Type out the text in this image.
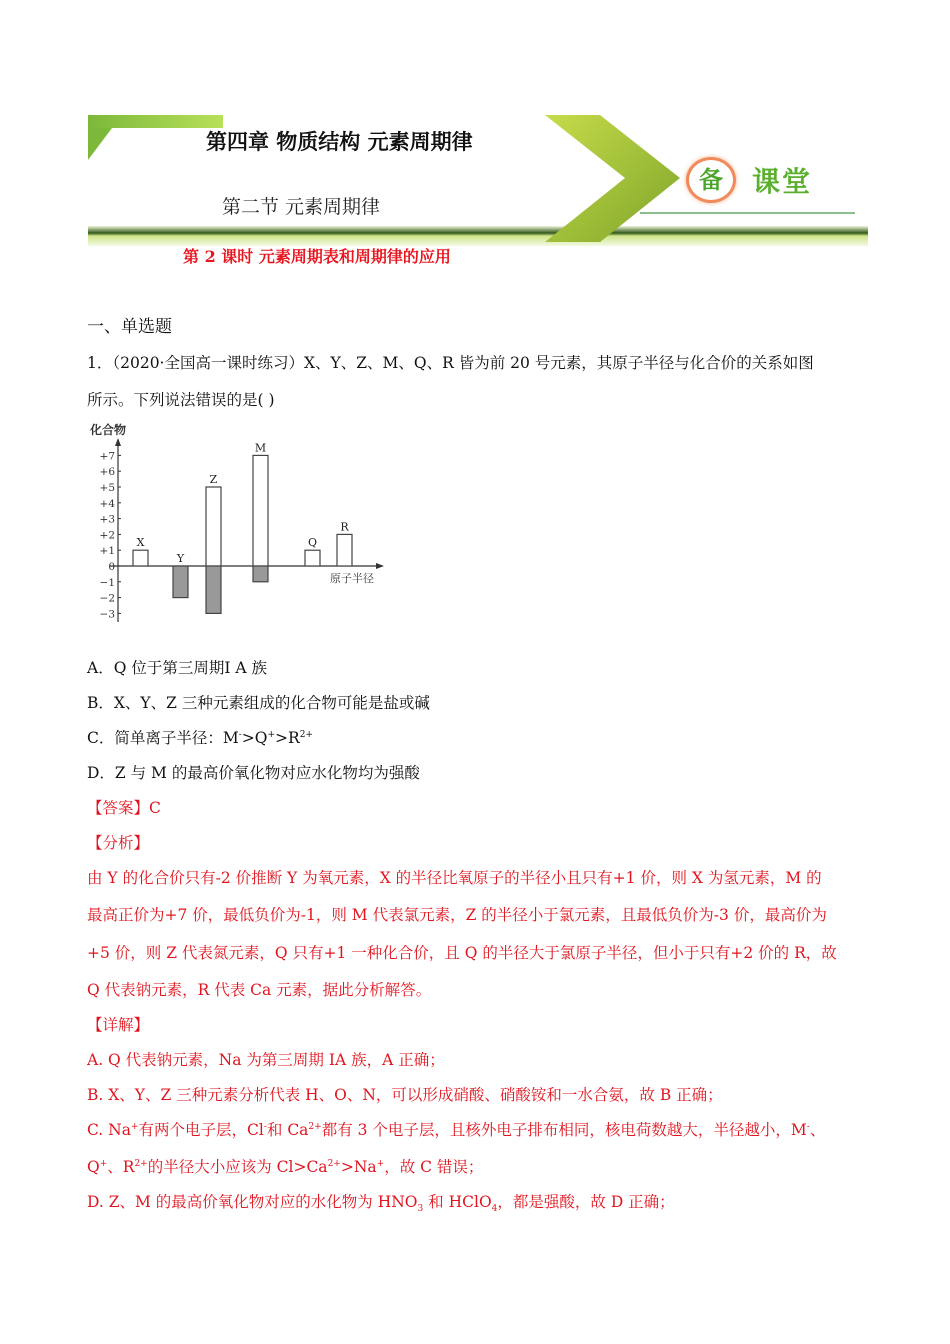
第四章 物质结构 元素周期律
第二节 元素周期律
第 2 课时 元素周期表和周期律的应用
备	课堂
一、单选题
1．（2020·全国高一课时练习）X、Y、Z、M、Q、R 皆为前 20 号元素，其原子半径与化合价的关系如图
所示。下列说法错误的是( )
化合物
原子半径
+7
+6
+5
+4
+3
+2
+1
0
−1
−2
−3
X
Y
Z
M
Q
R
A．Q 位于第三周期Ⅰ A 族
B．X、Y、Z 三种元素组成的化合物可能是盐或碱
C．简单离子半径：$M^->Q^+>R^{2+}$
D．Z 与 M 的最高价氧化物对应水化物均为强酸
【答案】C
【分析】
由 Y 的化合价只有-2 价推断 Y 为氧元素，X 的半径比氧原子的半径小且只有+1 价，则 X 为氢元素，M 的
最高正价为+7 价，最低负价为-1，则 M 代表氯元素，Z 的半径小于氯元素，且最低负价为-3 价，最高价为
+5 价，则 Z 代表氮元素，Q 只有+1 一种化合价，且 Q 的半径大于氯原子半径，但小于只有+2 价的 R，故
Q 代表钠元素，R 代表 Ca 元素，据此分析解答。
【详解】
A. Q 代表钠元素，Na 为第三周期 IA 族，A 正确；
B. X、Y、Z 三种元素分析代表 H、O、N，可以形成硝酸、硝酸铵和一水合氨，故 B 正确；
C. Na+有两个电子层，Cl-和 $Ca^{2+}$都有 3 个电子层，且核外电子排布相同，核电荷数越大，半径越小，M-、
Q+、$R^{2+}$的半径大小应该为 $Cl>Ca^{2+}>Na^+$，故 C 错误；
D. Z、M 的最高价氧化物对应的水化物为 $HNO_3$ 和 HClO$_4$，都是强酸，故 D 正确；
